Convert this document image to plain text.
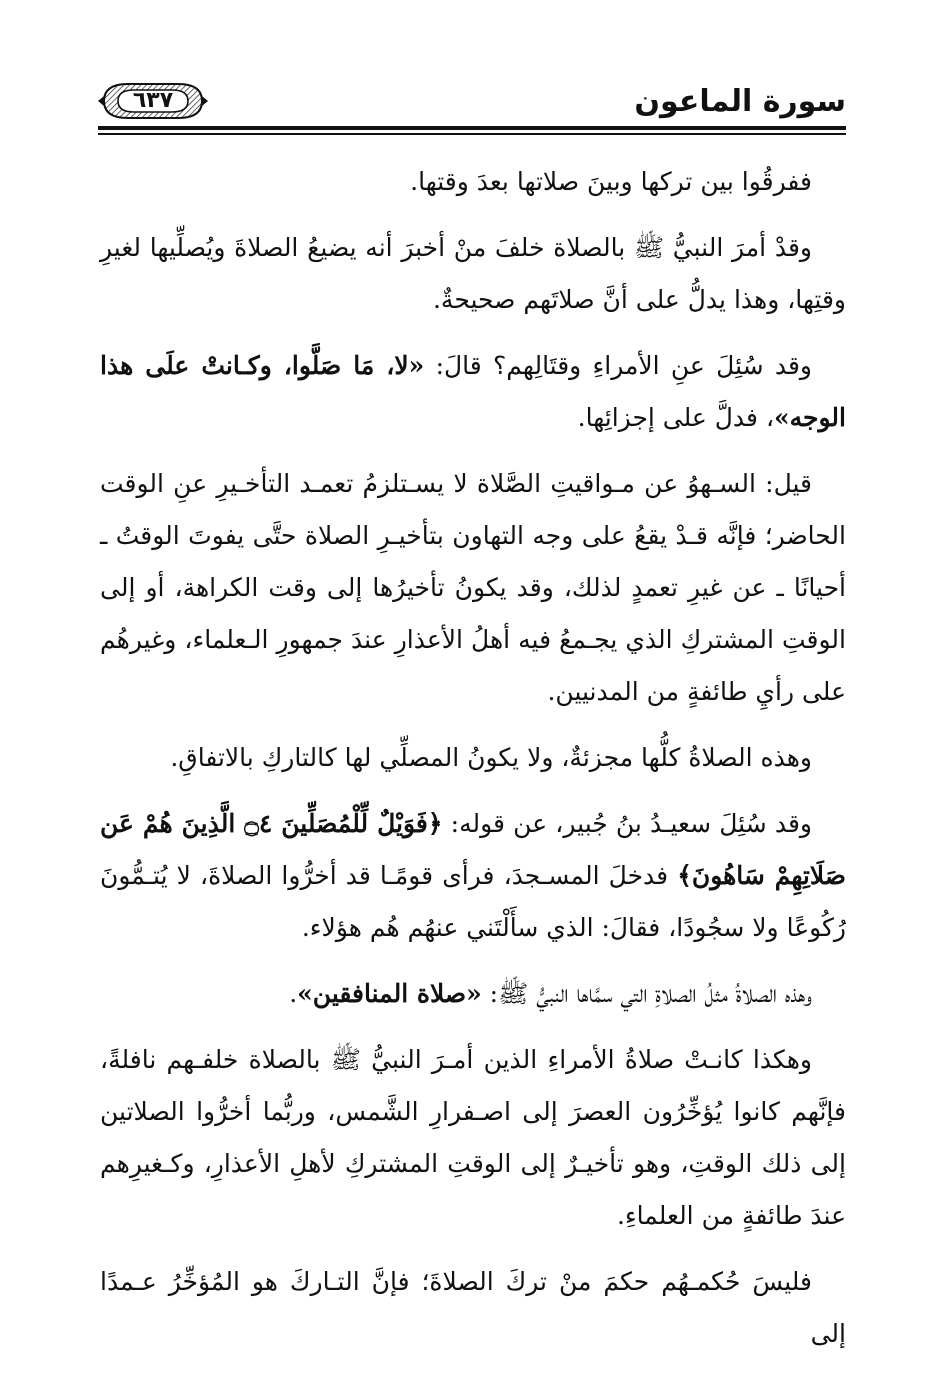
سورة الماعون
٦٣٧

ففرقُوا بين تركها وبينَ صلاتها بعدَ وقتها.

وقدْ أمرَ النبيُّ ﷺ بالصلاة خلفَ منْ أخبرَ أنه يضيعُ الصلاةَ ويُصلِّيها لغيرِ وقتِها، وهذا يدلُّ على أنَّ صلاتَهم صحيحةٌ.

وقد سُئِلَ عنِ الأمراءِ وقتَالِهم؟ قالَ: «لا، مَا صَلَّوا، وكـانتْ علَى هذا الوجه»، فدلَّ على إجزائِها.

قيل: السـهوُ عن مـواقيتِ الصَّلاة لا يسـتلزمُ تعمـد التأخـيرِ عنِ الوقت الحاضر؛ فإنَّه قـدْ يقعُ على وجه التهاون بتأخيـرِ الصلاة حتَّى يفوتَ الوقتُ ـ أحيانًا ـ عن غيرِ تعمدٍ لذلك، وقد يكونُ تأخيرُها إلى وقت الكراهة، أو إلى الوقتِ المشتركِ الذي يجـمعُ فيه أهلُ الأعذارِ عندَ جمهورِ الـعلماء، وغيرهُم على رأيِ طائفةٍ من المدنيين.

وهذه الصلاةُ كلُّها مجزئةٌ، ولا يكونُ المصلِّي لها كالتاركِ بالاتفاقِ.

وقد سُئِلَ سعيـدُ بنُ جُبير، عن قوله: ﴿فَوَيْلٌ لِّلْمُصَلِّينَ ۝٤ الَّذِينَ هُمْ عَن صَلَاتِهِمْ سَاهُونَ﴾ فدخلَ المسـجدَ، فرأى قومًـا قد أخرُّوا الصلاةَ، لا يُتـمُّونَ رُكُوعًا ولا سجُودًا، فقالَ: الذي سأَلْتَني عنهُم هُم هؤلاء.

وهذه الصلاةُ مثلُ الصلاةِ التي سمَّاها النبيُّ ﷺ: «صلاة المنافقين».

وهكذا كانـتْ صلاةُ الأمراءِ الذين أمـرَ النبيُّ ﷺ بالصلاة خلفـهم نافلةً، فإنَّهم كانوا يُؤخِّرُون العصرَ إلى اصـفرارِ الشَّمس، وربُّما أخرُّوا الصلاتين إلى ذلك الوقتِ، وهو تأخيـرٌ إلى الوقتِ المشتركِ لأهلِ الأعذارِ، وكـغيرِهم عندَ طائفةٍ من العلماءِ.

فليسَ حُكمـهُم حكمَ منْ تركَ الصلاةَ؛ فإنَّ التـاركَ هو المُؤخِّرُ عـمدًا إلى
